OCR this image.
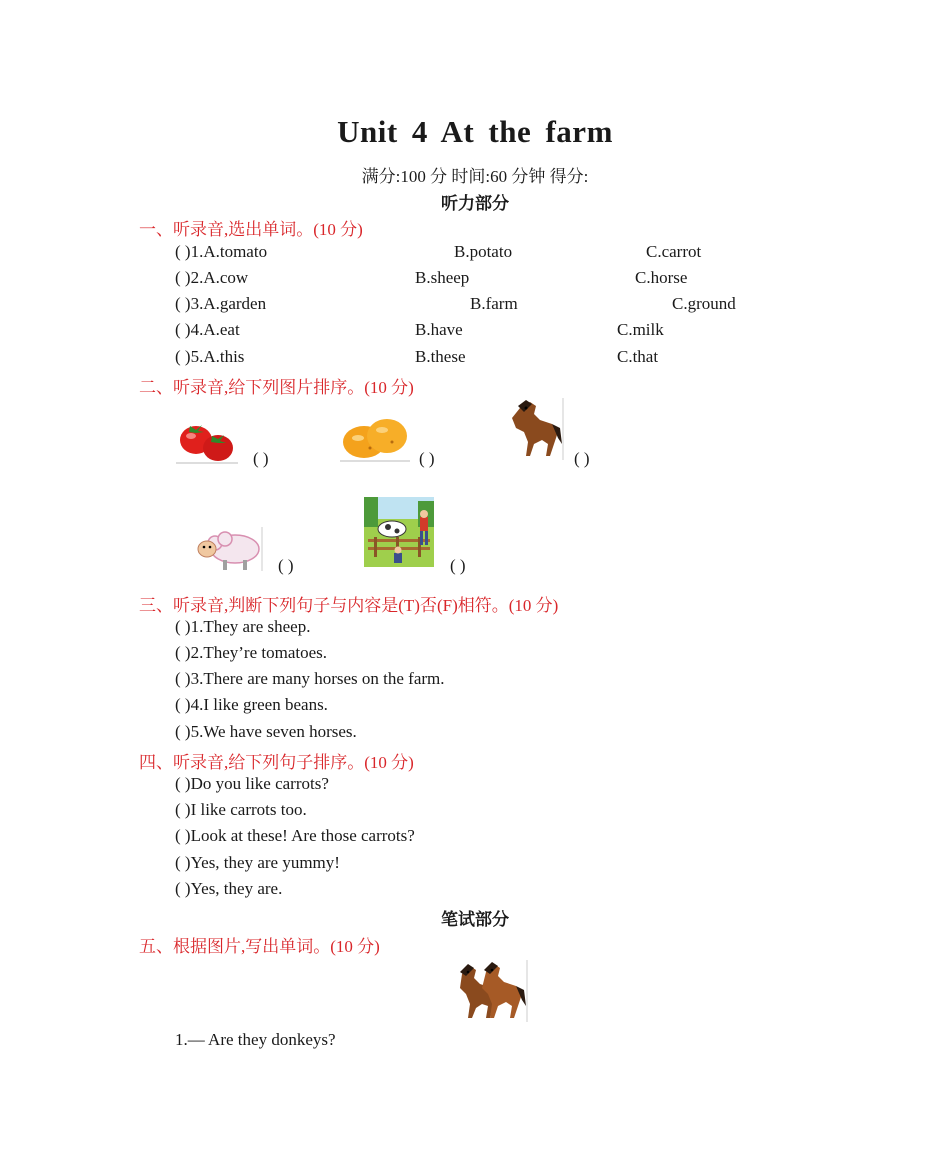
Unit 4 At the farm
满分:100 分 时间:60 分钟 得分:
听力部分
一、听录音,选出单词。(10 分)
( )1.A.tomato	B.potato	C.carrot
( )2.A.cow	B.sheep	C.horse
( )3.A.garden	B.farm	C.ground
( )4.A.eat	B.have	C.milk
( )5.A.this	B.these	C.that
二、听录音,给下列图片排序。(10 分)
( )	( )	( )
( )	( )
三、听录音,判断下列句子与内容是(T)否(F)相符。(10 分)
( )1.They are sheep.
( )2.They’re tomatoes.
( )3.There are many horses on the farm.
( )4.I like green beans.
( )5.We have seven horses.
四、听录音,给下列句子排序。(10 分)
( )Do you like carrots?
( )I like carrots too.
( )Look at these! Are those carrots?
( )Yes, they are yummy!
( )Yes, they are.
笔试部分
五、根据图片,写出单词。(10 分)
1.— Are they donkeys?
